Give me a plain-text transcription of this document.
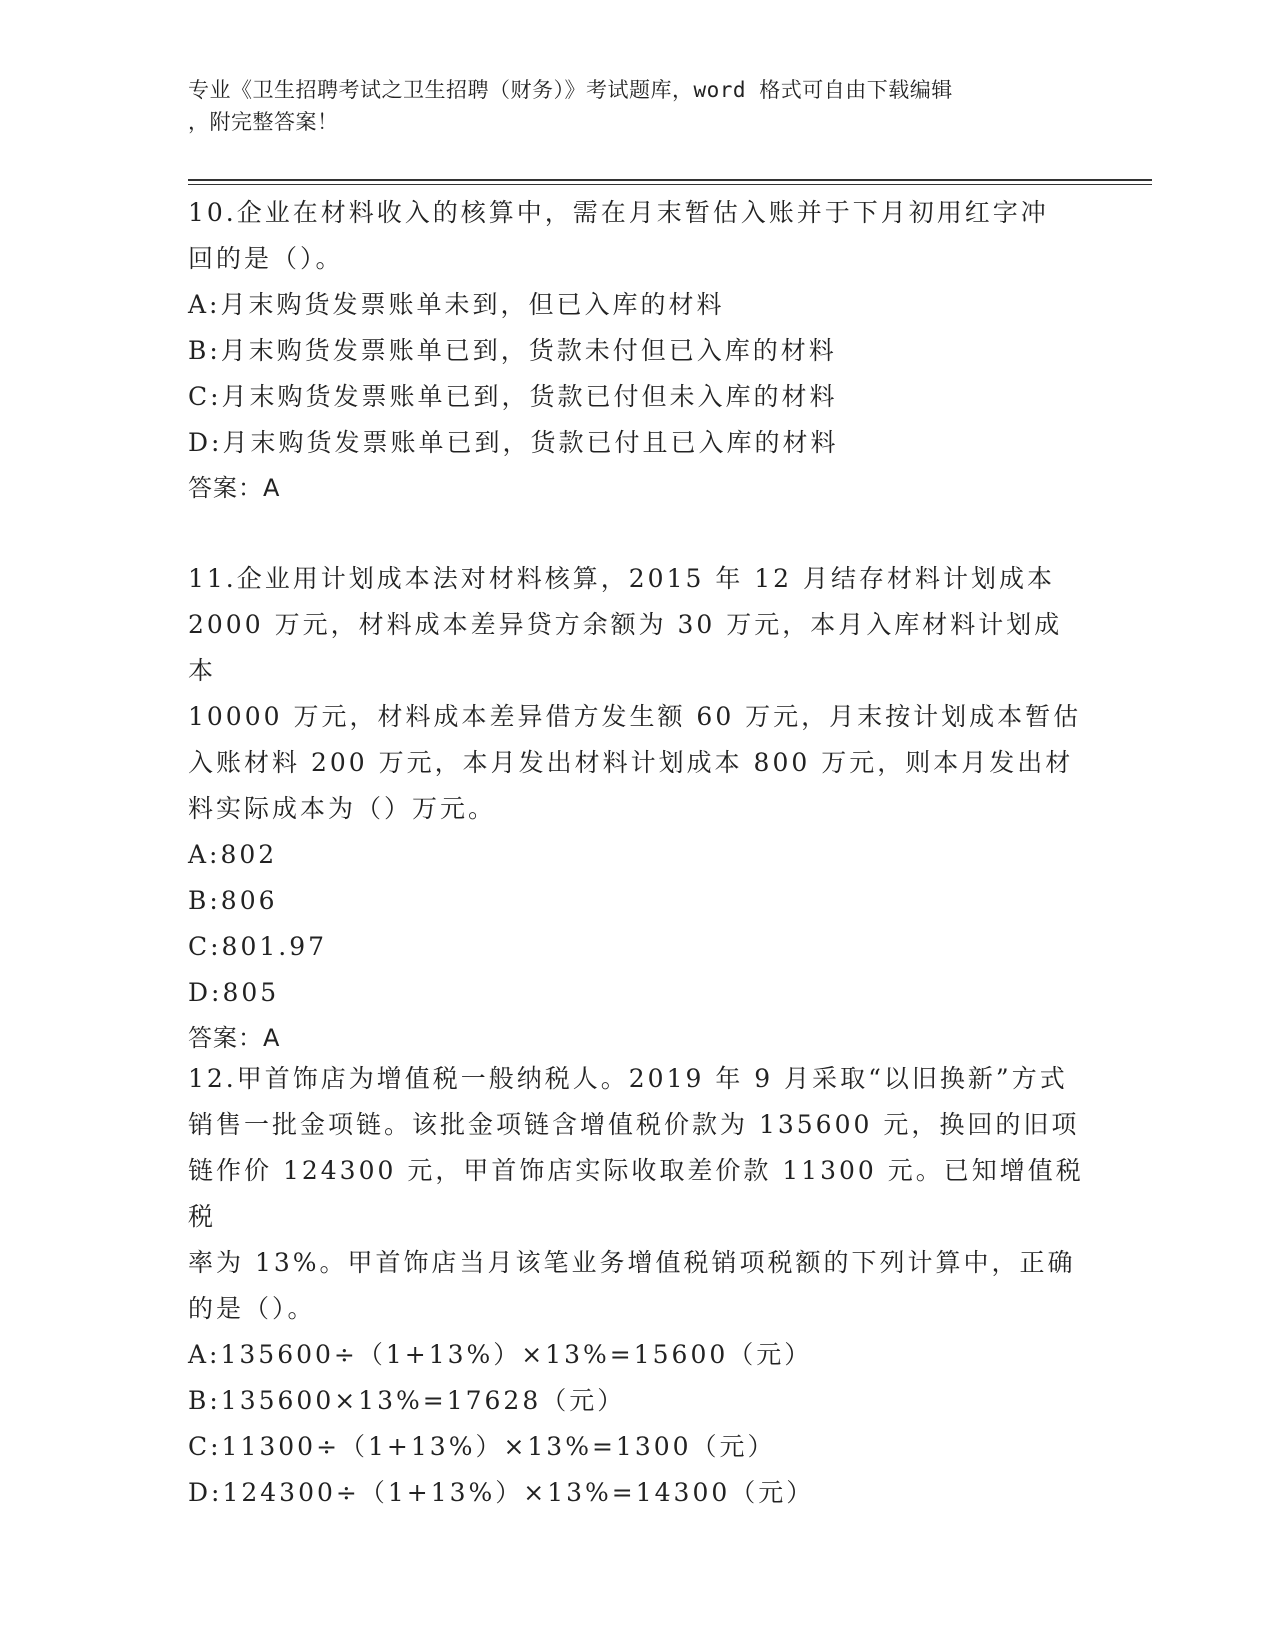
专业《卫生招聘考试之卫生招聘（财务）》考试题库，word 格式可自由下载编辑
，附完整答案！
10.企业在材料收入的核算中，需在月末暂估入账并于下月初用红字冲
回的是（）。
A:月末购货发票账单未到，但已入库的材料
B:月末购货发票账单已到，货款未付但已入库的材料
C:月末购货发票账单已到，货款已付但未入库的材料
D:月末购货发票账单已到，货款已付且已入库的材料
答案：A
11.企业用计划成本法对材料核算，2015 年 12 月结存材料计划成本
2000 万元，材料成本差异贷方余额为 30 万元，本月入库材料计划成本
10000 万元，材料成本差异借方发生额 60 万元，月末按计划成本暂估
入账材料 200 万元，本月发出材料计划成本 800 万元，则本月发出材
料实际成本为（）万元。
A:802
B:806
C:801.97
D:805
答案：A
12.甲首饰店为增值税一般纳税人。2019 年 9 月采取“以旧换新”方式
销售一批金项链。该批金项链含增值税价款为 135600 元，换回的旧项
链作价 124300 元，甲首饰店实际收取差价款 11300 元。已知增值税税
率为 13%。甲首饰店当月该笔业务增值税销项税额的下列计算中，正确
的是（）。
A:135600÷（1+13%）×13%=15600（元）
B:135600×13%=17628（元）
C:11300÷（1+13%）×13%=1300（元）
D:124300÷（1+13%）×13%=14300（元）
